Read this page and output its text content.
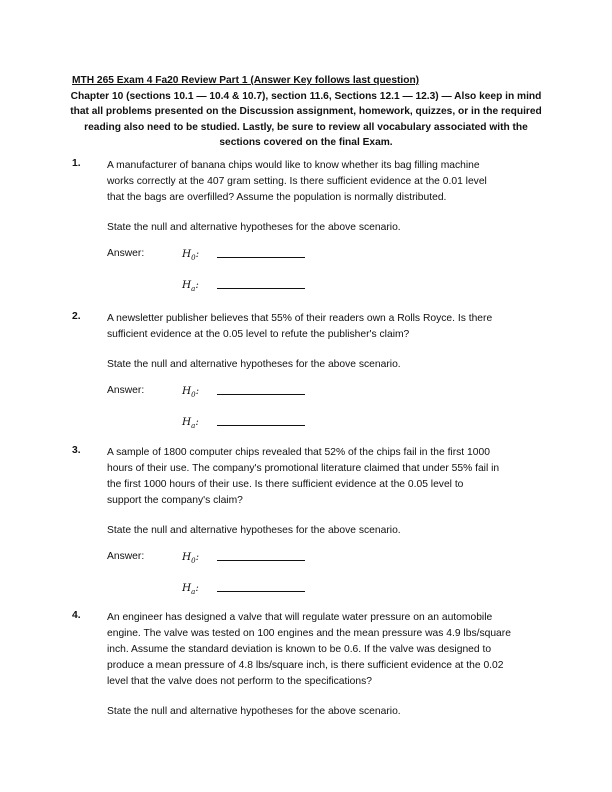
MTH 265 Exam 4 Fa20 Review Part 1 (Answer Key follows last question)
Chapter 10 (sections 10.1 — 10.4 & 10.7), section 11.6, Sections 12.1 — 12.3) — Also keep in mind
that all problems presented on the Discussion assignment, homework, quizzes, or in the required
reading also need to be studied. Lastly, be sure to review all vocabulary associated with the
sections covered on the final Exam.
1.	A manufacturer of banana chips would like to know whether its bag filling machine
works correctly at the 407 gram setting. Is there sufficient evidence at the 0.01 level
that the bags are overfilled? Assume the population is normally distributed.
State the null and alternative hypotheses for the above scenario.
Answer:	$H_0$:
$H_a$:
2.	A newsletter publisher believes that 55% of their readers own a Rolls Royce. Is there
sufficient evidence at the 0.05 level to refute the publisher's claim?
State the null and alternative hypotheses for the above scenario.
Answer:	$H_0$:
$H_a$:
3.	A sample of 1800 computer chips revealed that 52% of the chips fail in the first 1000
hours of their use. The company's promotional literature claimed that under 55% fail in
the first 1000 hours of their use. Is there sufficient evidence at the 0.05 level to
support the company's claim?
State the null and alternative hypotheses for the above scenario.
Answer:	$H_0$:
$H_a$:
4.	An engineer has designed a valve that will regulate water pressure on an automobile
engine. The valve was tested on 100 engines and the mean pressure was 4.9 lbs/square
inch. Assume the standard deviation is known to be 0.6. If the valve was designed to
produce a mean pressure of 4.8 lbs/square inch, is there sufficient evidence at the 0.02
level that the valve does not perform to the specifications?
State the null and alternative hypotheses for the above scenario.
